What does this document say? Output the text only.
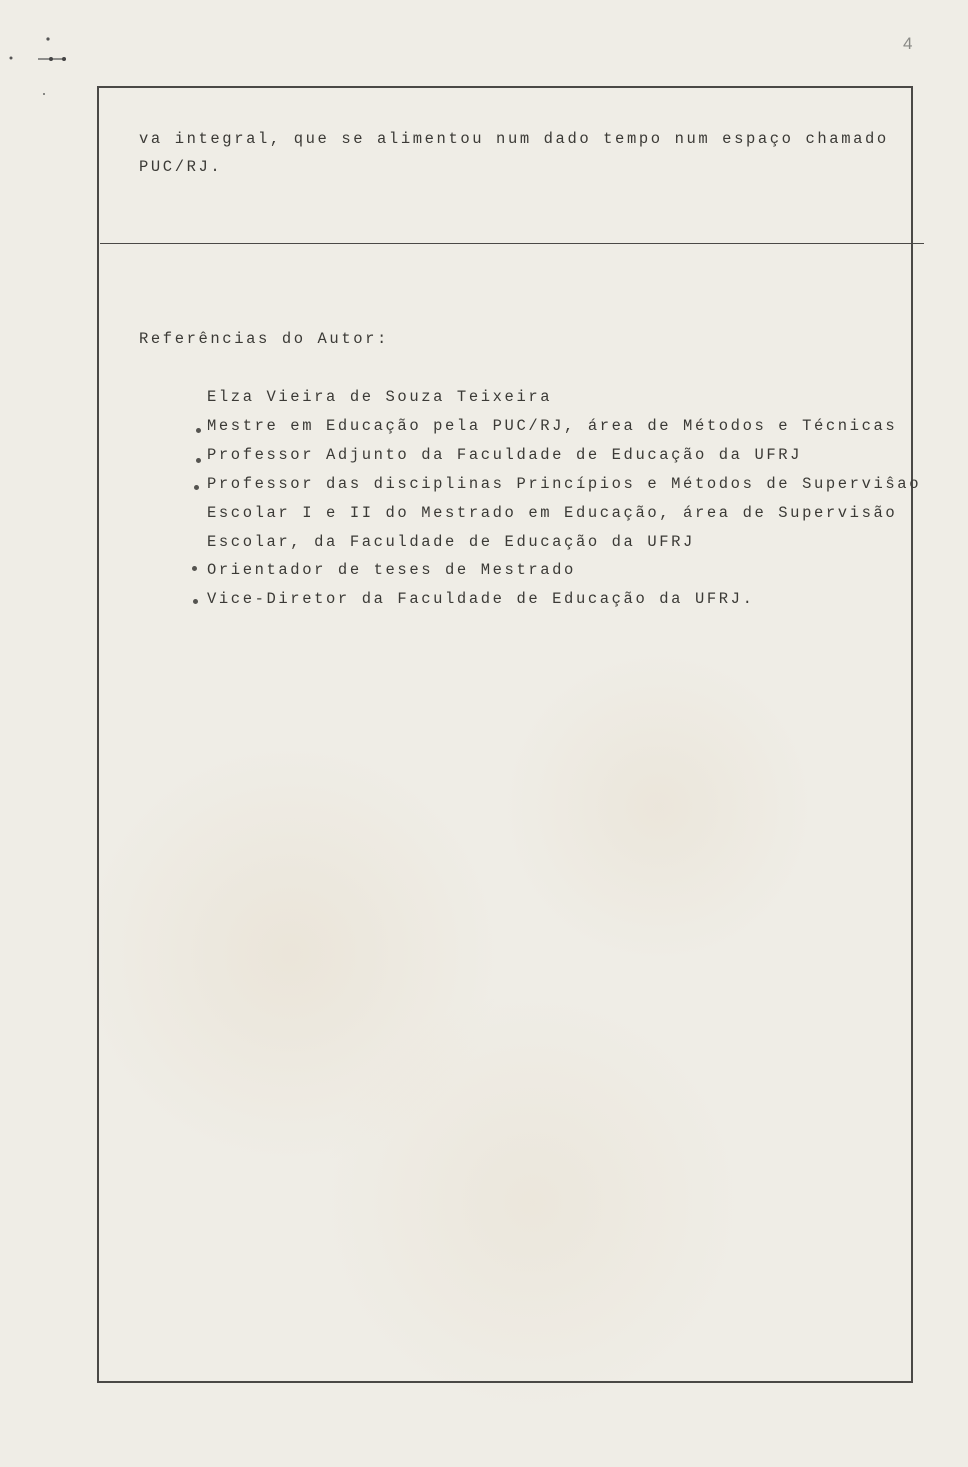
4
va integral, que se alimentou num dado tempo num espaço chamado
PUC/RJ.
Referências do Autor:
Elza Vieira de Souza Teixeira
Mestre em Educação pela PUC/RJ, área de Métodos e Técnicas
Professor Adjunto da Faculdade de Educação da UFRJ
Professor das disciplinas Princípios e Métodos de Superviŝao
Escolar I e II do Mestrado em Educação, área de Supervisão
Escolar, da Faculdade de Educação da UFRJ
Orientador de teses de Mestrado
Vice-Diretor da Faculdade de Educação da UFRJ.
